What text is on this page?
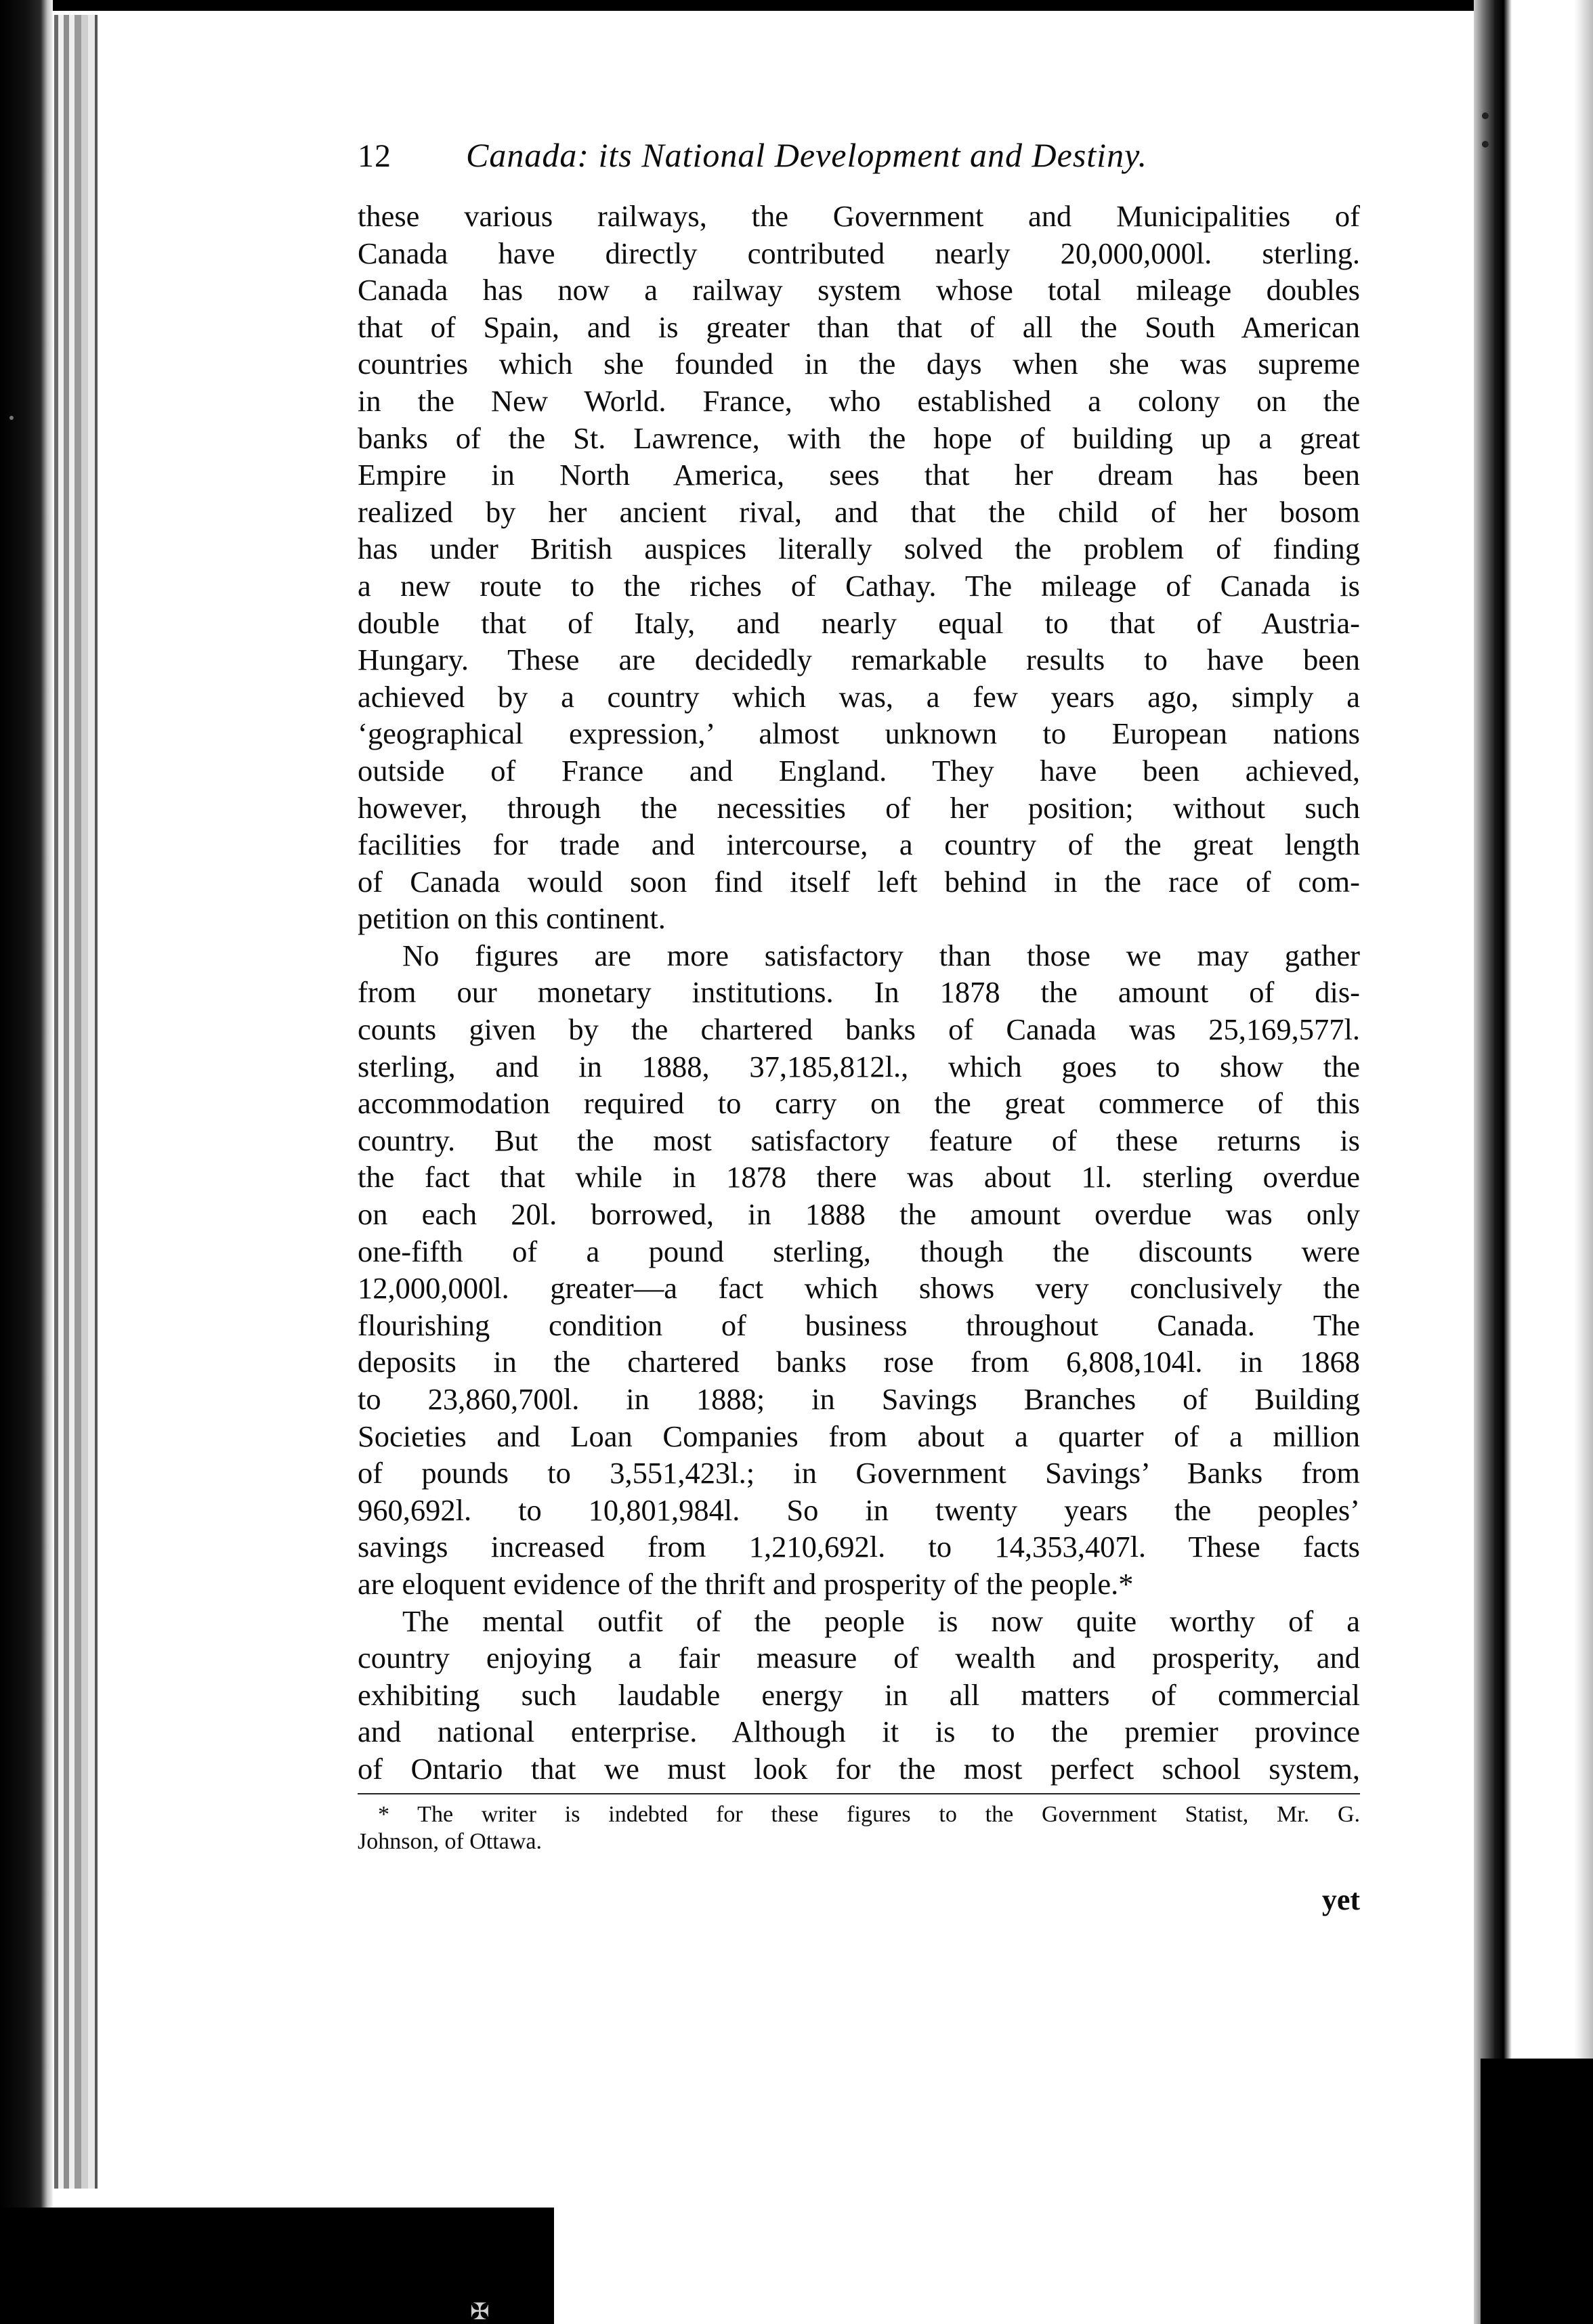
✠
12	Canada: its National Development and Destiny.
these various railways, the Government and Municipalities of
Canada have directly contributed nearly 20,000,000l. sterling.
Canada has now a railway system whose total mileage doubles
that of Spain, and is greater than that of all the South American
countries which she founded in the days when she was supreme
in the New World. France, who established a colony on the
banks of the St. Lawrence, with the hope of building up a great
Empire in North America, sees that her dream has been
realized by her ancient rival, and that the child of her bosom
has under British auspices literally solved the problem of finding
a new route to the riches of Cathay. The mileage of Canada is
double that of Italy, and nearly equal to that of Austria-
Hungary. These are decidedly remarkable results to have been
achieved by a country which was, a few years ago, simply a
‘geographical expression,’ almost unknown to European nations
outside of France and England. They have been achieved,
however, through the necessities of her position; without such
facilities for trade and intercourse, a country of the great length
of Canada would soon find itself left behind in the race of com-
petition on this continent.
No figures are more satisfactory than those we may gather
from our monetary institutions. In 1878 the amount of dis-
counts given by the chartered banks of Canada was 25,169,577l.
sterling, and in 1888, 37,185,812l., which goes to show the
accommodation required to carry on the great commerce of this
country. But the most satisfactory feature of these returns is
the fact that while in 1878 there was about 1l. sterling overdue
on each 20l. borrowed, in 1888 the amount overdue was only
one-fifth of a pound sterling, though the discounts were
12,000,000l. greater—a fact which shows very conclusively the
flourishing condition of business throughout Canada. The
deposits in the chartered banks rose from 6,808,104l. in 1868
to 23,860,700l. in 1888; in Savings Branches of Building
Societies and Loan Companies from about a quarter of a million
of pounds to 3,551,423l.; in Government Savings’ Banks from
960,692l. to 10,801,984l. So in twenty years the peoples’
savings increased from 1,210,692l. to 14,353,407l. These facts
are eloquent evidence of the thrift and prosperity of the people.*
The mental outfit of the people is now quite worthy of a
country enjoying a fair measure of wealth and prosperity, and
exhibiting such laudable energy in all matters of commercial
and national enterprise. Although it is to the premier province
of Ontario that we must look for the most perfect school system,
* The writer is indebted for these figures to the Government Statist, Mr. G.
Johnson, of Ottawa.
yet
